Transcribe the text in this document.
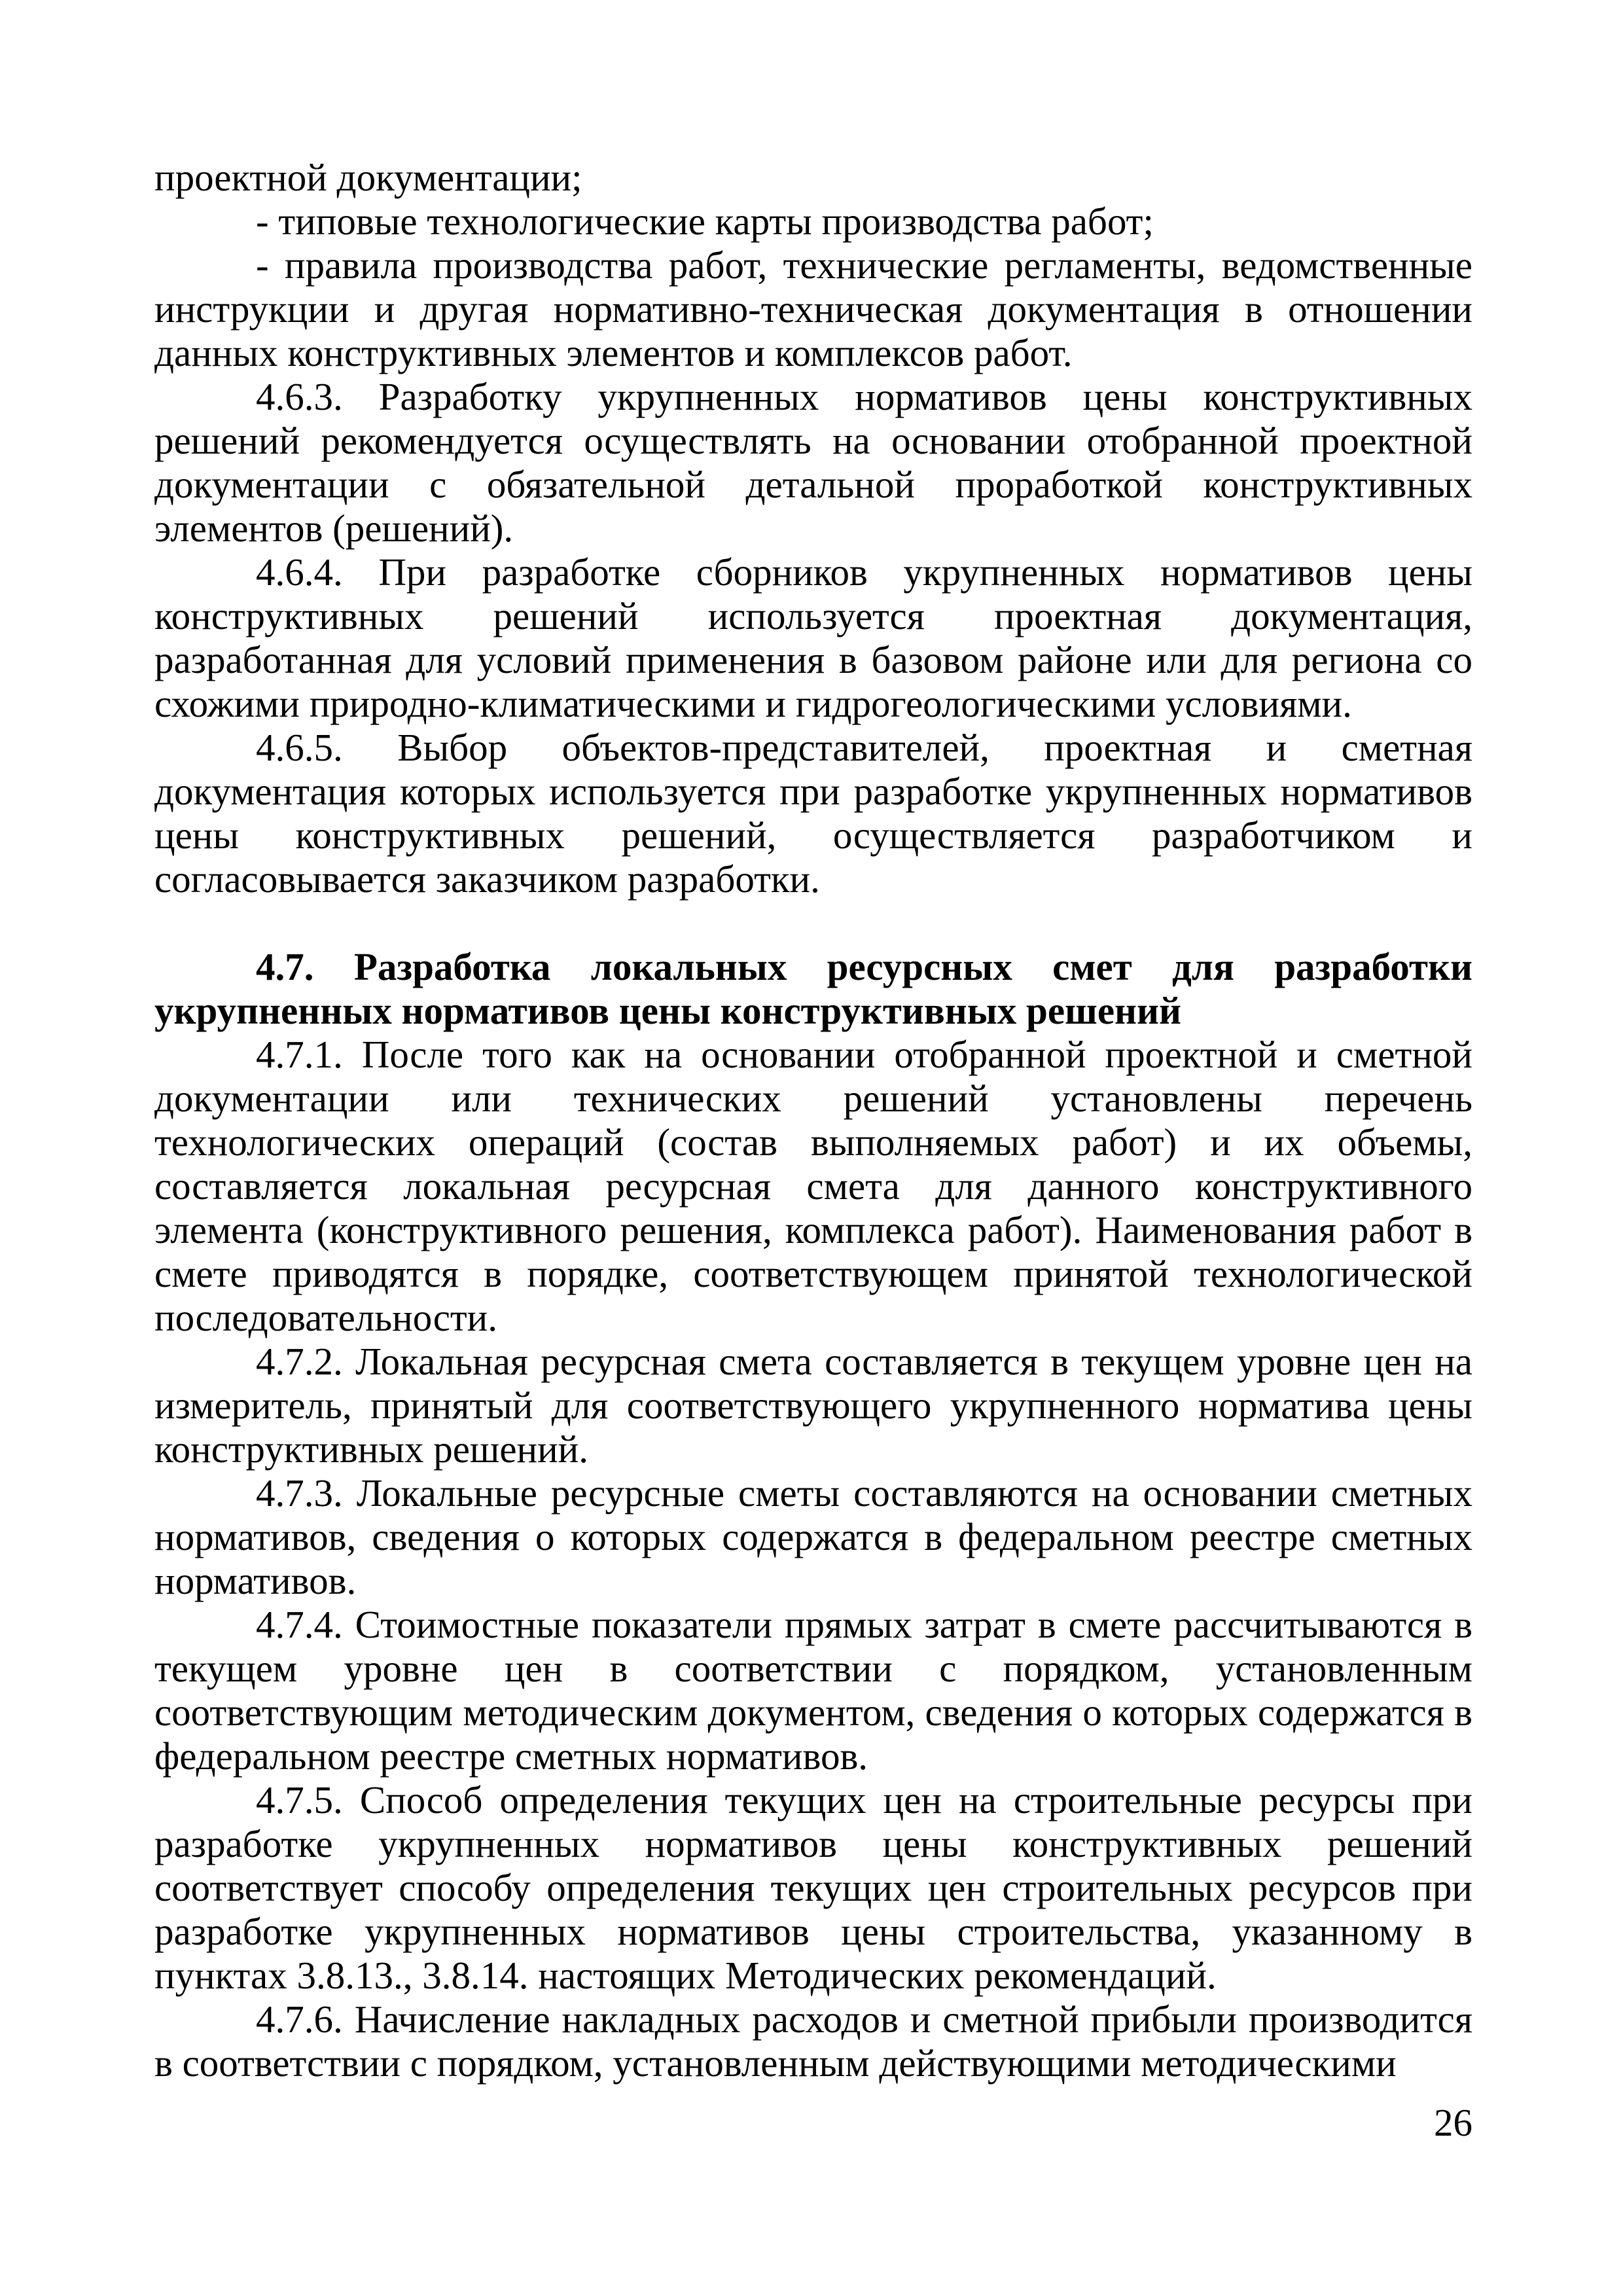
проектной документации;

- типовые технологические карты производства работ;

- правила производства работ, технические регламенты, ведомственные инструкции и другая нормативно-техническая документация в отношении данных конструктивных элементов и комплексов работ.

4.6.3. Разработку укрупненных нормативов цены конструктивных решений рекомендуется осуществлять на основании отобранной проектной документации с обязательной детальной проработкой конструктивных элементов (решений).

4.6.4. При разработке сборников укрупненных нормативов цены конструктивных решений используется проектная документация, разработанная для условий применения в базовом районе или для региона со схожими природно-климатическими и гидрогеологическими условиями.

4.6.5. Выбор объектов-представителей, проектная и сметная документация которых используется при разработке укрупненных нормативов цены конструктивных решений, осуществляется разработчиком и согласовывается заказчиком разработки.

4.7. Разработка локальных ресурсных смет для разработки укрупненных нормативов цены конструктивных решений

4.7.1. После того как на основании отобранной проектной и сметной документации или технических решений установлены перечень технологических операций (состав выполняемых работ) и их объемы, составляется локальная ресурсная смета для данного конструктивного элемента (конструктивного решения, комплекса работ). Наименования работ в смете приводятся в порядке, соответствующем принятой технологической последовательности.

4.7.2. Локальная ресурсная смета составляется в текущем уровне цен на измеритель, принятый для соответствующего укрупненного норматива цены конструктивных решений.

4.7.3. Локальные ресурсные сметы составляются на основании сметных нормативов, сведения о которых содержатся в федеральном реестре сметных нормативов.

4.7.4. Стоимостные показатели прямых затрат в смете рассчитываются в текущем уровне цен в соответствии с порядком, установленным соответствующим методическим документом, сведения о которых содержатся в федеральном реестре сметных нормативов.

4.7.5. Способ определения текущих цен на строительные ресурсы при разработке укрупненных нормативов цены конструктивных решений соответствует способу определения текущих цен строительных ресурсов при разработке укрупненных нормативов цены строительства, указанному в пунктах 3.8.13., 3.8.14. настоящих Методических рекомендаций.

4.7.6. Начисление накладных расходов и сметной прибыли производится в соответствии с порядком, установленным действующими методическими

26
